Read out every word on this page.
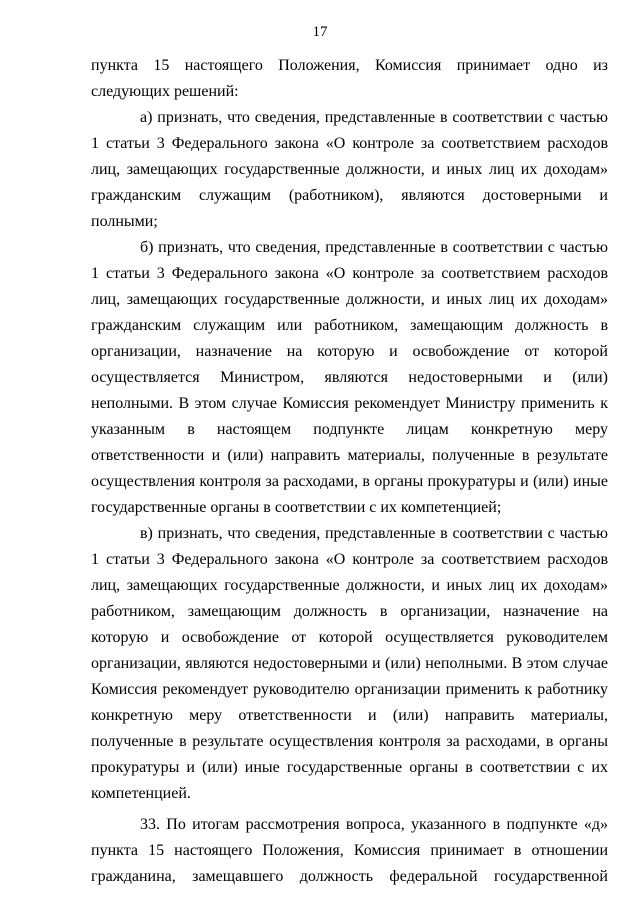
17

пункта 15 настоящего Положения, Комиссия принимает одно из следующих решений:

а) признать, что сведения, представленные в соответствии с частью 1 статьи 3 Федерального закона «О контроле за соответствием расходов лиц, замещающих государственные должности, и иных лиц их доходам» гражданским служащим (работником), являются достоверными и полными;

б) признать, что сведения, представленные в соответствии с частью 1 статьи 3 Федерального закона «О контроле за соответствием расходов лиц, замещающих государственные должности, и иных лиц их доходам» гражданским служащим или работником, замещающим должность в организации, назначение на которую и освобождение от которой осуществляется Министром, являются недостоверными и (или) неполными. В этом случае Комиссия рекомендует Министру применить к указанным в настоящем подпункте лицам конкретную меру ответственности и (или) направить материалы, полученные в результате осуществления контроля за расходами, в органы прокуратуры и (или) иные государственные органы в соответствии с их компетенцией;

в) признать, что сведения, представленные в соответствии с частью 1 статьи 3 Федерального закона «О контроле за соответствием расходов лиц, замещающих государственные должности, и иных лиц их доходам» работником, замещающим должность в организации, назначение на которую и освобождение от которой осуществляется руководителем организации, являются недостоверными и (или) неполными. В этом случае Комиссия рекомендует руководителю организации применить к работнику конкретную меру ответственности и (или) направить материалы, полученные в результате осуществления контроля за расходами, в органы прокуратуры и (или) иные государственные органы в соответствии с их компетенцией.

33. По итогам рассмотрения вопроса, указанного в подпункте «д» пункта 15 настоящего Положения, Комиссия принимает в отношении гражданина, замещавшего должность федеральной государственной
